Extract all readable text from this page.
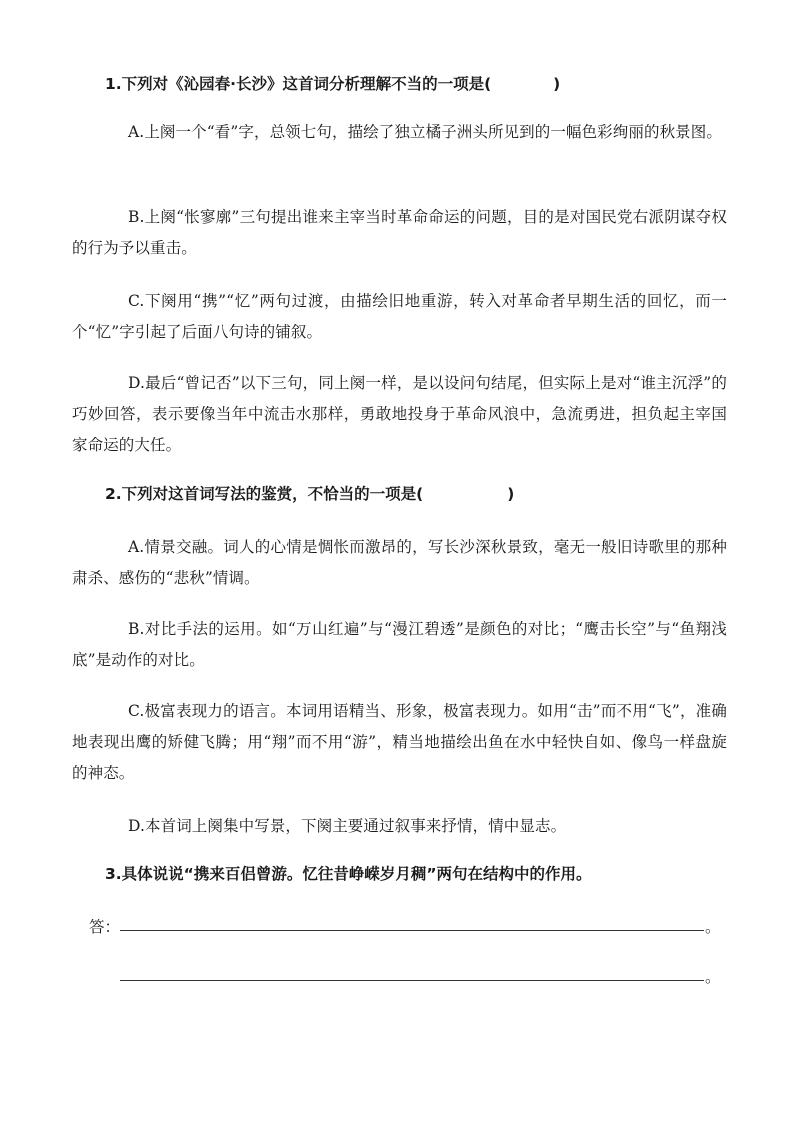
1.下列对《沁园春·长沙》这首词分析理解不当的一项是(	)
A.上阕一个“看”字，总领七句，描绘了独立橘子洲头所见到的一幅色彩绚丽的秋景图。
B.上阕“怅寥廓”三句提出谁来主宰当时革命命运的问题，目的是对国民党右派阴谋夺权的行为予以重击。
C.下阕用“携”“忆”两句过渡，由描绘旧地重游，转入对革命者早期生活的回忆，而一个“忆”字引起了后面八句诗的铺叙。
D.最后“曾记否”以下三句，同上阕一样，是以设问句结尾，但实际上是对“谁主沉浮”的巧妙回答，表示要像当年中流击水那样，勇敢地投身于革命风浪中，急流勇进，担负起主宰国家命运的大任。
2.下列对这首词写法的鉴赏，不恰当的一项是(	)
A.情景交融。词人的心情是惆怅而激昂的，写长沙深秋景致，毫无一般旧诗歌里的那种肃杀、感伤的“悲秋”情调。
B.对比手法的运用。如“万山红遍”与“漫江碧透”是颜色的对比；“鹰击长空”与“鱼翔浅底”是动作的对比。
C.极富表现力的语言。本词用语精当、形象，极富表现力。如用“击”而不用“飞”，准确地表现出鹰的矫健飞腾；用“翔”而不用“游”，精当地描绘出鱼在水中轻快自如、像鸟一样盘旋的神态。
D.本首词上阕集中写景，下阕主要通过叙事来抒情，情中显志。
3.具体说说“携来百侣曾游。忆往昔峥嵘岁月稠”两句在结构中的作用。
答：	。
。
